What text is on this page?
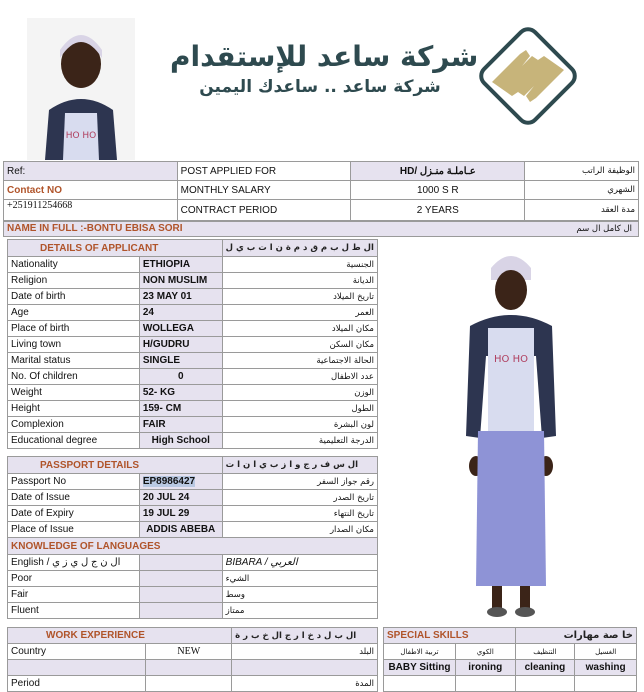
HO HO
شركة ساعد للإستقدام
شركة ساعد .. ساعدك اليمين
Ref:	POST APPLIED FOR	HD/ عـاملـة منـزل	الوظيفة الراتب
Contact NO	MONTHLY SALARY	1000 S R	الشهري
+251911254668	CONTRACT PERIOD	2 YEARS	مدة العقد
NAME IN FULL :-BONTU EBISA SORI	ال كامل ال سم
DETAILS OF APPLICANT		ال ط ل ب م ق د م ة ن ا ت ب ي ل
Nationality	ETHIOPIA	الجنسية
Religion	NON MUSLIM	الديانة
Date of birth	23 MAY 01	تاريخ الميلاد
Age	24	العمر
Place of birth	WOLLEGA	مكان الميلاد
Living town	H/GUDRU	مكان السكن
Marital status	SINGLE	الحالة الاجتماعية
No. Of children	0	عدد الاطفال
Weight	52- KG	الوزن
Height	159- CM	الطول
Complexion	FAIR	لون البشرة
Educational degree	High School	الدرجة التعليمية

PASSPORT DETAILS		ال س ف ر ج و ا ز ب ي ا ن ا ت
Passport No	EP8986427	رقم جواز السفر
Date of Issue	20 JUL 24	تاريخ الصدر
Date of Expiry	19 JUL 29	تاريخ النتهاء
Place of Issue	ADDIS ABEBA	مكان الصدار
KNOWLEDGE OF LANGUAGES		
English / ال ن ج ل ي ز ي		BIBARA / العربي
Poor		الشيء
Fair		وسط
Fluent		ممتاز
HO HO
WORK EXPERIENCE		ال ب ل د خ ا ر ج ال خ ب ر ة
Country	NEW	البلد

Period		المدة
SPECIAL SKILLS		خا صة مهارات	
تربية الاطفال	الكوي	التنظيف	الغسيل
BABY Sitting	ironing	cleaning	washing
